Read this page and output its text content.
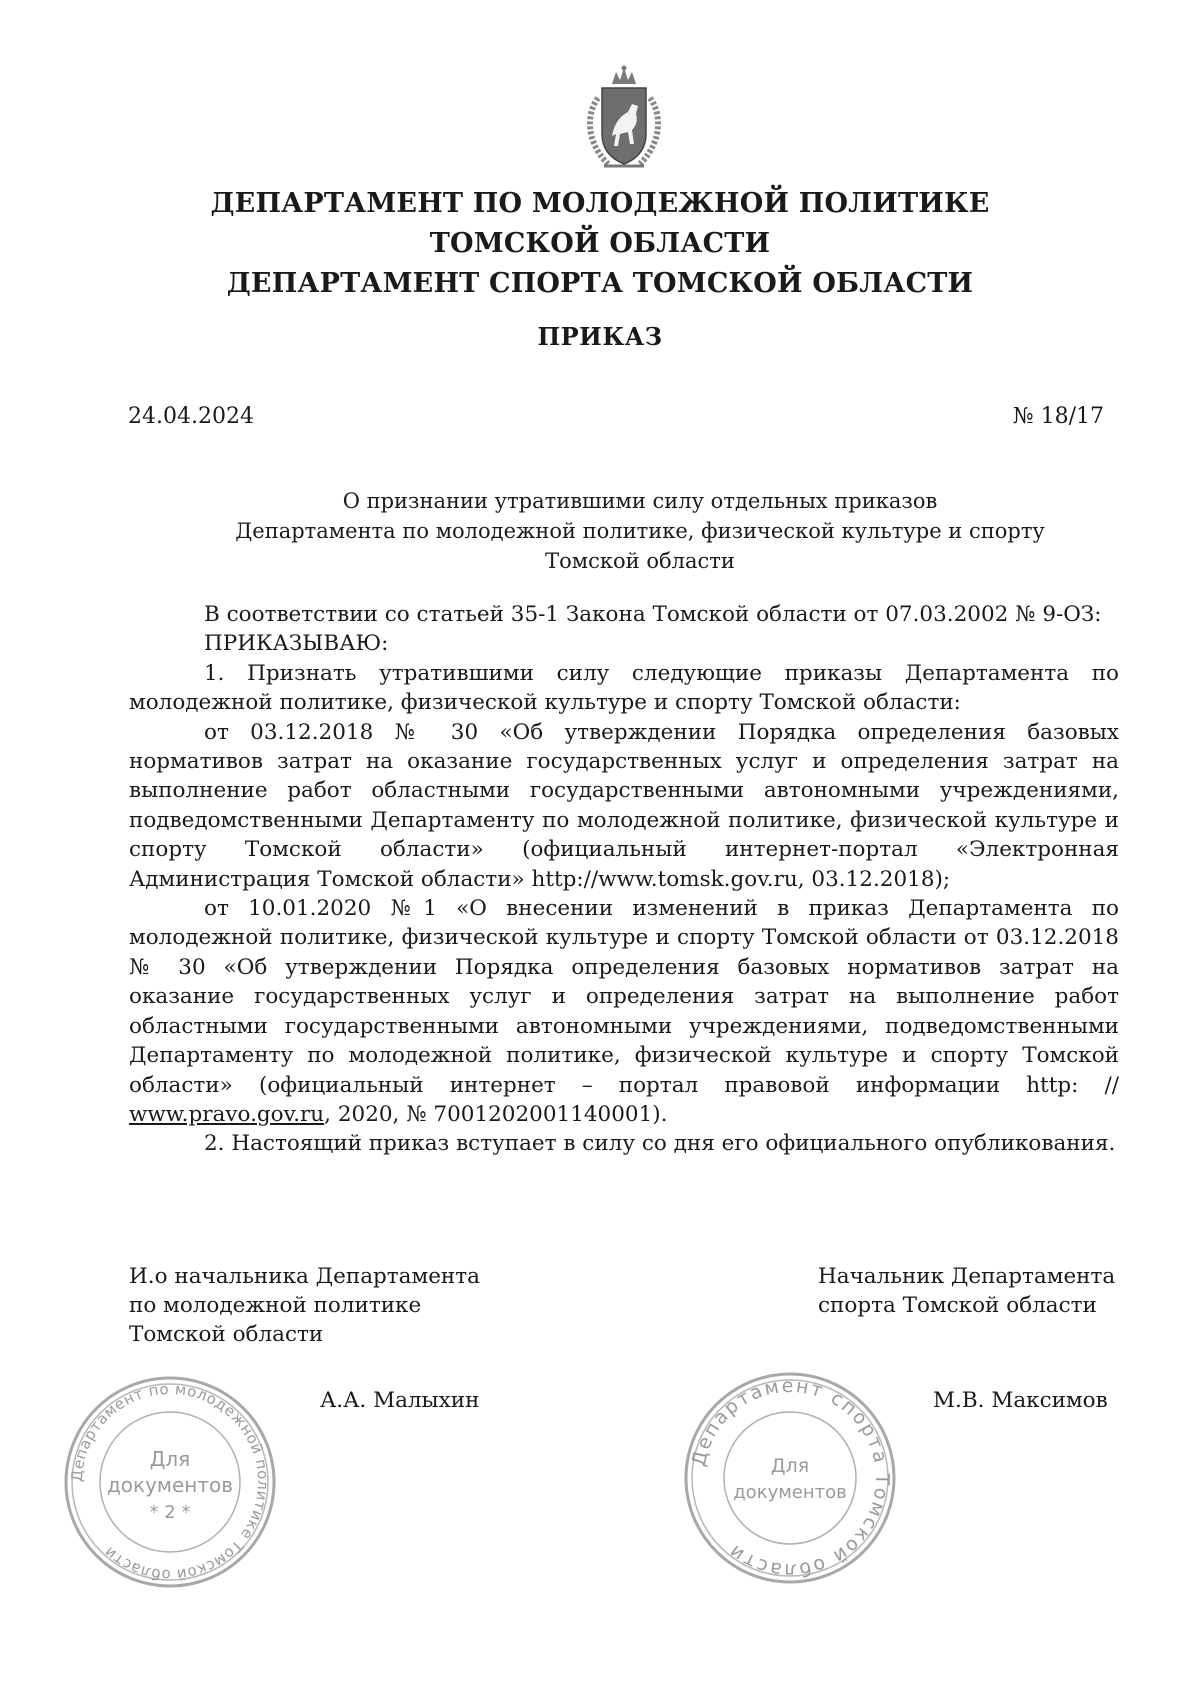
ДЕПАРТАМЕНТ ПО МОЛОДЕЖНОЙ ПОЛИТИКЕ
ТОМСКОЙ ОБЛАСТИ
ДЕПАРТАМЕНТ СПОРТА ТОМСКОЙ ОБЛАСТИ
ПРИКАЗ
24.04.2024	№ 18/17
О признании утратившими силу отдельных приказов
Департамента по молодежной политике, физической культуре и спорту
Томской области

В соответствии со статьей 35-1 Закона Томской области от 07.03.2002 № 9-ОЗ:

ПРИКАЗЫВАЮ:

1. Признать утратившими силу следующие приказы Департамента по молодежной политике, физической культуре и спорту Томской области:

от 03.12.2018 № 30 «Об утверждении Порядка определения базовых нормативов затрат на оказание государственных услуг и определения затрат на выполнение работ областными государственными автономными учреждениями, подведомственными Департаменту по молодежной политике, физической культуре и спорту Томской области» (официальный интернет-портал «Электронная Администрация Томской области» http://www.tomsk.gov.ru, 03.12.2018);

от 10.01.2020 №1 «О внесении изменений в приказ Департамента по молодежной политике, физической культуре и спорту Томской области от 03.12.2018 № 30 «Об утверждении Порядка определения базовых нормативов затрат на оказание государственных услуг и определения затрат на выполнение работ областными государственными автономными учреждениями, подведомственными Департаменту по молодежной политике, физической культуре и спорту Томской области» (официальный интернет – портал правовой информации http: // www.pravo.gov.ru, 2020, № 7001202001140001).

2. Настоящий приказ вступает в силу со дня его официального опубликования.

Департамент по молодежной политике Томской области
Для
документов
* 2 *
Департамент спорта Томской области
Для
документов
И.о начальника Департамента
по молодежной политике
Томской области
А.А. Малыхин
Начальник Департамента
спорта Томской области
М.В. Максимов
